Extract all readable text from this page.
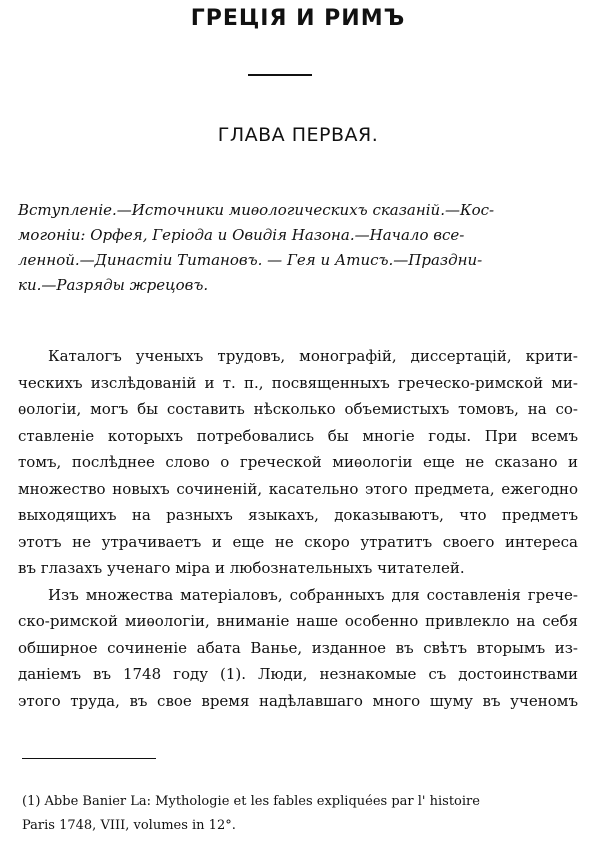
ГРЕЦІЯ И РИМЪ
ГЛАВА ПЕРВАЯ.
Вступленіе.—Источники миѳологическихъ сказаній.—Кос-
могоніи: Орфея, Геріода и Овидія Назона.—Начало все-
ленной.—Династіи Титановъ. — Гея и Атисъ.—Праздни-
ки.—Разряды жрецовъ.
Каталогъ ученыхъ трудовъ, монографій, диссертацій, крити-
ческихъ изслѣдованій и т. п., посвященныхъ греческо-римской ми-
ѳологіи, могъ бы составить нѣсколько объемистыхъ томовъ, на со-
ставленіе которыхъ потребовались бы многіе годы. При всемъ
томъ, послѣднее слово о греческой миѳологіи еще не сказано и
множество новыхъ сочиненій, касательно этого предмета, ежегодно
выходящихъ на разныхъ языкахъ, доказываютъ, что предметъ
этотъ не утрачиваетъ и еще не скоро утратитъ своего интереса
въ глазахъ ученаго міра и любознательныхъ читателей.
Изъ множества матеріаловъ, собранныхъ для составленія грече-
ско-римской миѳологіи, вниманіе наше особенно привлекло на себя
обширное сочиненіе абата Ванье, изданное въ свѣтъ вторымъ из-
даніемъ въ 1748 году (1). Люди, незнакомые съ достоинствами
этого труда, въ свое время надѣлавшаго много шуму въ ученомъ
(1) Abbe Banier La: Mythologie et les fables expliquées par l' histoire
Paris 1748, VIII, volumes in 12°.
